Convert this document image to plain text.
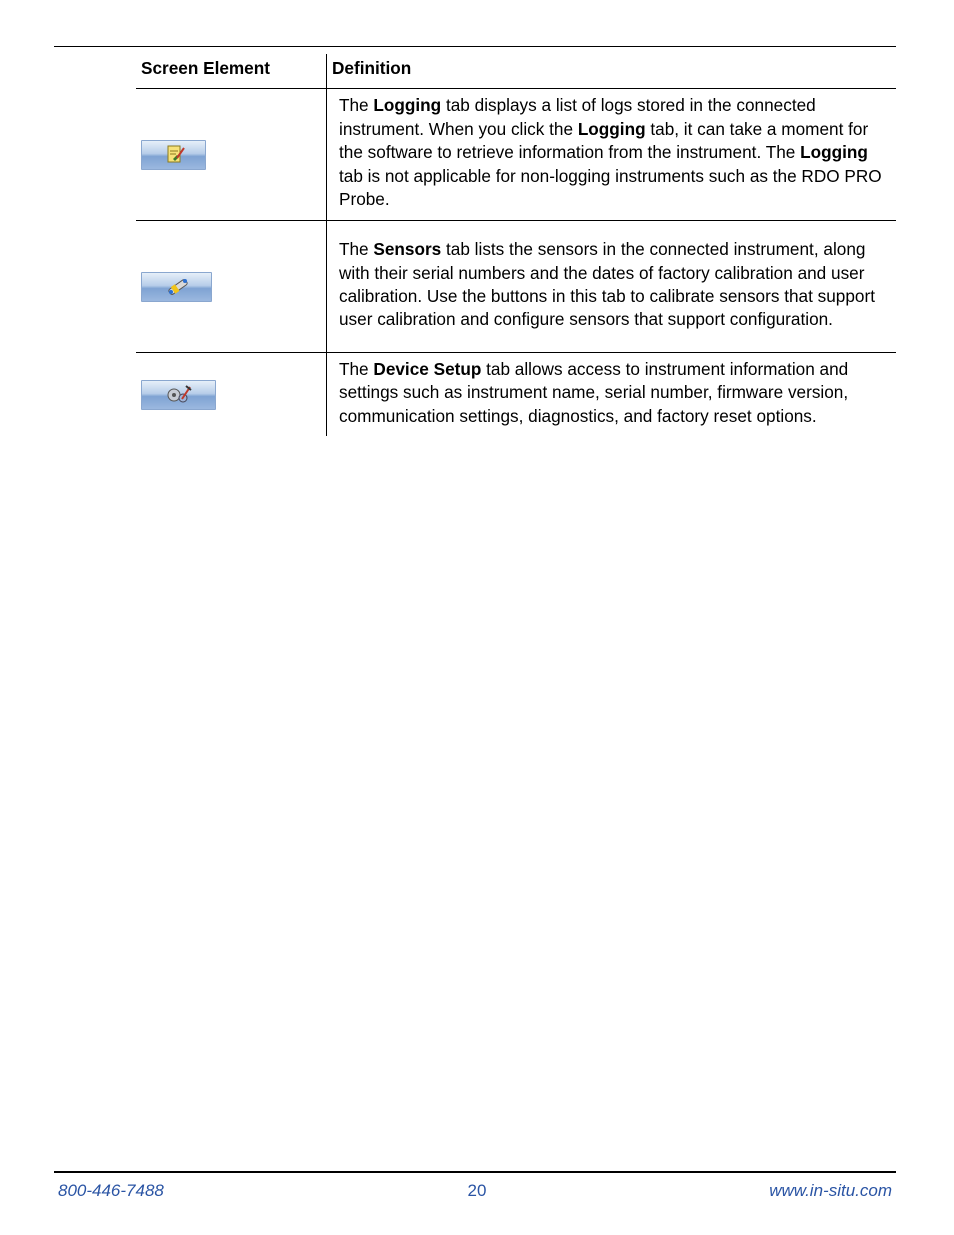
Screen Element	Definition

	The Logging tab displays a list of logs stored in the connected instrument. When you click the Logging tab, it can take a moment for the software to retrieve information from the instrument. The Logging tab is not applicable for non-logging instruments such as the RDO PRO Probe.

	The Sensors tab lists the sensors in the connected instrument, along with their serial numbers and the dates of factory calibration and user calibration. Use the buttons in this tab to calibrate sensors that support user calibration and configure sensors that support configuration.

	The Device Setup tab allows access to instrument information and settings such as instrument name, serial number, firmware version, communication settings, diagnostics, and factory reset options.
800-446-7488	20	www.in-situ.com
